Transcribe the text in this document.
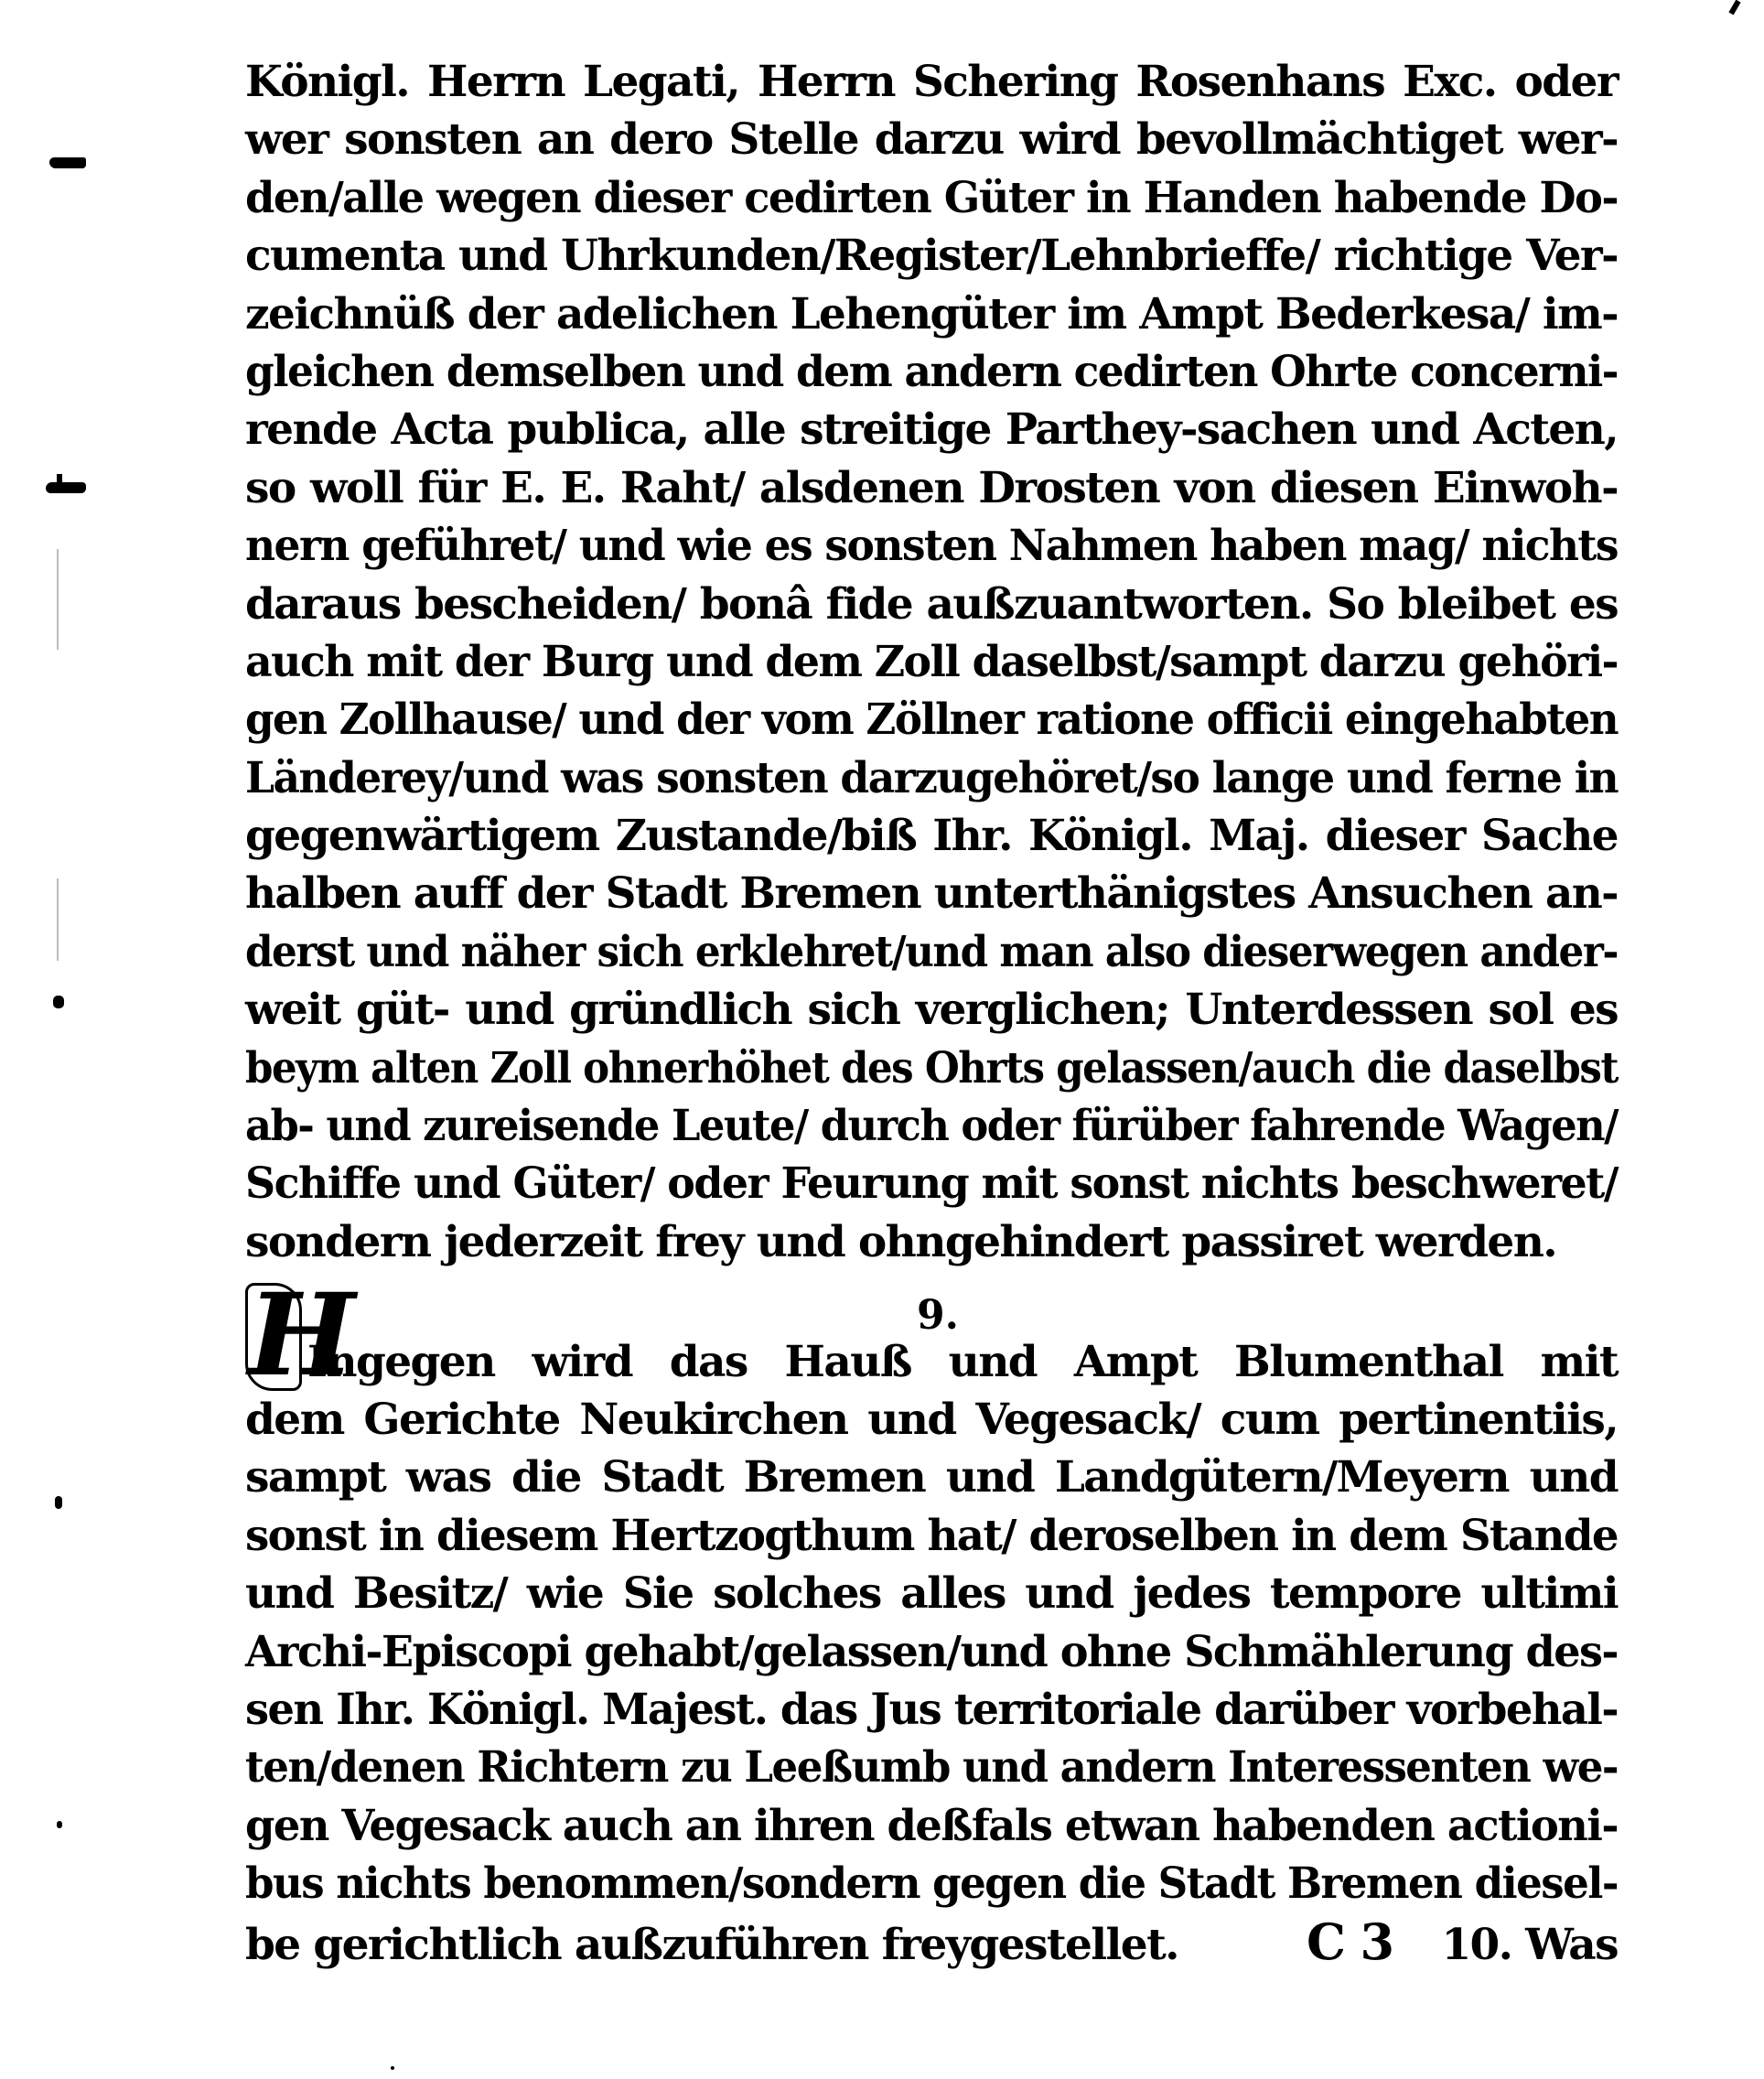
Königl. Herrn Legati, Herrn Schering Rosenhans Exc. oder
wer sonsten an dero Stelle darzu wird bevollmächtiget wer-
den/alle wegen dieser cedirten Güter in Handen habende Do-
cumenta und Uhrkunden/Register/Lehnbrieffe/ richtige Ver-
zeichnüß der adelichen Lehengüter im Ampt Bederkesa/ im-
gleichen demselben und dem andern cedirten Ohrte concerni-
rende Acta publica, alle streitige Parthey-sachen und Acten,
so woll für E. E. Raht/ alsdenen Drosten von diesen Einwoh-
nern geführet/ und wie es sonsten Nahmen haben mag/ nichts
daraus bescheiden/ bonâ fide außzuantworten. So bleibet es
auch mit der Burg und dem Zoll daselbst/sampt darzu gehöri-
gen Zollhause/ und der vom Zöllner ratione officii eingehabten
Länderey/und was sonsten darzugehöret/so lange und ferne in
gegenwärtigem Zustande/biß Ihr. Königl. Maj. dieser Sache
halben auff der Stadt Bremen unterthänigstes Ansuchen an-
derst und näher sich erklehret/und man also dieserwegen ander-
weit güt- und gründlich sich verglichen; Unterdessen sol es
beym alten Zoll ohnerhöhet des Ohrts gelassen/auch die daselbst
ab- und zureisende Leute/ durch oder fürüber fahrende Wagen/
Schiffe und Güter/ oder Feurung mit sonst nichts beschweret/
sondern jederzeit frey und ohngehindert passiret werden.
9.
H
Ingegen wird das Hauß und Ampt Blumenthal mit
dem Gerichte Neukirchen und Vegesack/ cum pertinentiis,
sampt was die Stadt Bremen und Landgütern/Meyern und
sonst in diesem Hertzogthum hat/ deroselben in dem Stande
und Besitz/ wie Sie solches alles und jedes tempore ultimi
Archi-Episcopi gehabt/gelassen/und ohne Schmählerung des-
sen Ihr. Königl. Majest. das Jus territoriale darüber vorbehal-
ten/denen Richtern zu Leeßumb und andern Interessenten we-
gen Vegesack auch an ihren deßfals etwan habenden actioni-
bus nichts benommen/sondern gegen die Stadt Bremen diesel-
be gerichtlich außzuführen freygestellet.	C 3 10. Was
